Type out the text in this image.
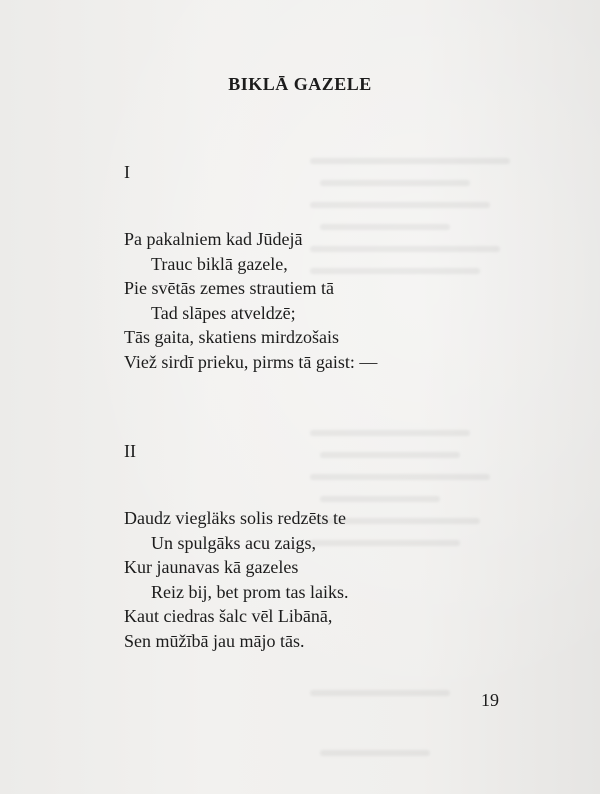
BIKLĀ GAZELE
I
Pa pakalniem kad Jūdejā
Trauc biklā gazele,
Pie svētās zemes strautiem tā
Tad slāpes atveldzē;
Tās gaita, skatiens mirdzošais
Viež sirdī prieku, pirms tā gaist: —
II
Daudz viegläks solis redzēts te
Un spulgāks acu zaigs,
Kur jaunavas kā gazeles
Reiz bij, bet prom tas laiks.
Kaut ciedras šalc vēl Libānā,
Sen mūžībā jau mājo tās.
19
